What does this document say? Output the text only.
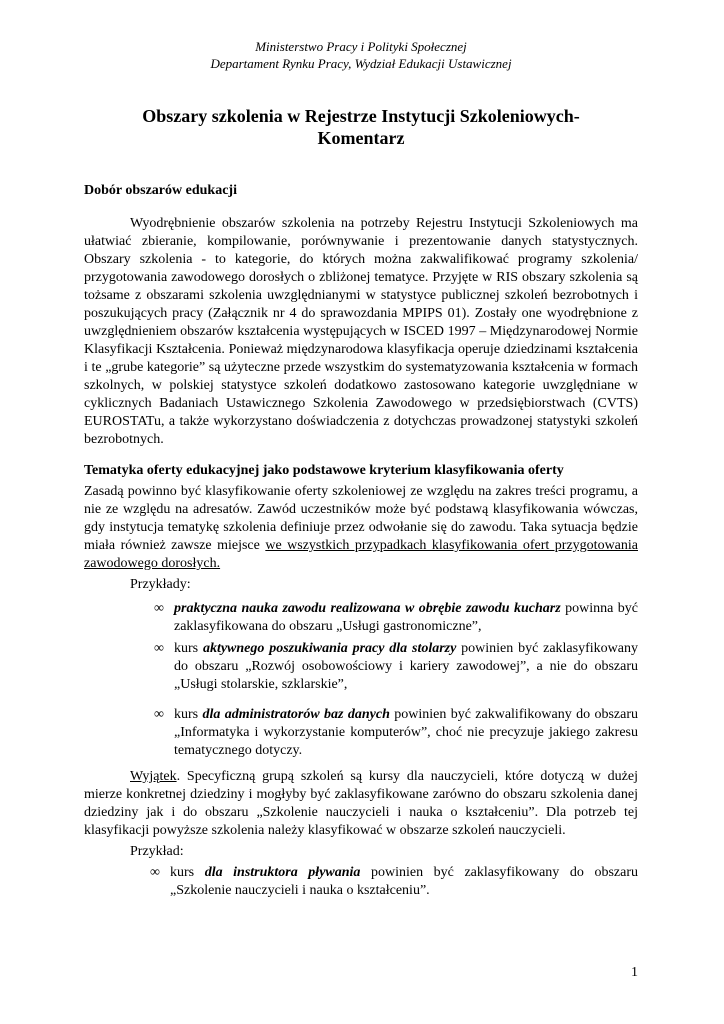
Ministerstwo Pracy i Polityki Społecznej
Departament Rynku Pracy, Wydział Edukacji Ustawicznej
Obszary szkolenia w Rejestrze Instytucji Szkoleniowych-
Komentarz
Dobór obszarów edukacji

Wyodrębnienie obszarów szkolenia na potrzeby Rejestru Instytucji Szkoleniowych ma ułatwiać zbieranie, kompilowanie, porównywanie i prezentowanie danych statystycznych. Obszary szkolenia - to kategorie, do których można zakwalifikować programy szkolenia/ przygotowania zawodowego dorosłych o zbliżonej tematyce. Przyjęte w RIS obszary szkolenia są tożsame z obszarami szkolenia uwzględnianymi w statystyce publicznej szkoleń bezrobotnych i poszukujących pracy (Załącznik nr 4 do sprawozdania MPIPS 01). Zostały one wyodrębnione z uwzględnieniem obszarów kształcenia występujących w ISCED 1997 – Międzynarodowej Normie Klasyfikacji Kształcenia. Ponieważ międzynarodowa klasyfikacja operuje dziedzinami kształcenia i te „grube kategorie” są użyteczne przede wszystkim do systematyzowania kształcenia w formach szkolnych, w polskiej statystyce szkoleń dodatkowo zastosowano kategorie uwzględniane w cyklicznych Badaniach Ustawicznego Szkolenia Zawodowego w przedsiębiorstwach (CVTS) EUROSTATu, a także wykorzystano doświadczenia z dotychczas prowadzonej statystyki szkoleń bezrobotnych.

Tematyka oferty edukacyjnej jako podstawowe kryterium klasyfikowania oferty

Zasadą powinno być klasyfikowanie oferty szkoleniowej ze względu na zakres treści programu, a nie ze względu na adresatów. Zawód uczestników może być podstawą klasyfikowania wówczas, gdy instytucja tematykę szkolenia definiuje przez odwołanie się do zawodu. Taka sytuacja będzie miała również zawsze miejsce we wszystkich przypadkach klasyfikowania ofert przygotowania zawodowego dorosłych.

Przykłady:
∞ praktyczna nauka zawodu realizowana w obrębie zawodu kucharz powinna być zaklasyfikowana do obszaru „Usługi gastronomiczne”,
∞ kurs aktywnego poszukiwania pracy dla stolarzy powinien być zaklasyfikowany do obszaru „Rozwój osobowościowy i kariery zawodowej”, a nie do obszaru „Usługi stolarskie, szklarskie”,
∞ kurs dla administratorów baz danych powinien być zakwalifikowany do obszaru „Informatyka i wykorzystanie komputerów”, choć nie precyzuje jakiego zakresu tematycznego dotyczy.

Wyjątek. Specyficzną grupą szkoleń są kursy dla nauczycieli, które dotyczą w dużej mierze konkretnej dziedziny i mogłyby być zaklasyfikowane zarówno do obszaru szkolenia danej dziedziny jak i do obszaru „Szkolenie nauczycieli i nauka o kształceniu”. Dla potrzeb tej klasyfikacji powyższe szkolenia należy klasyfikować w obszarze szkoleń nauczycieli.

Przykład:
∞ kurs dla instruktora pływania powinien być zaklasyfikowany do obszaru „Szkolenie nauczycieli i nauka o kształceniu”.
1
